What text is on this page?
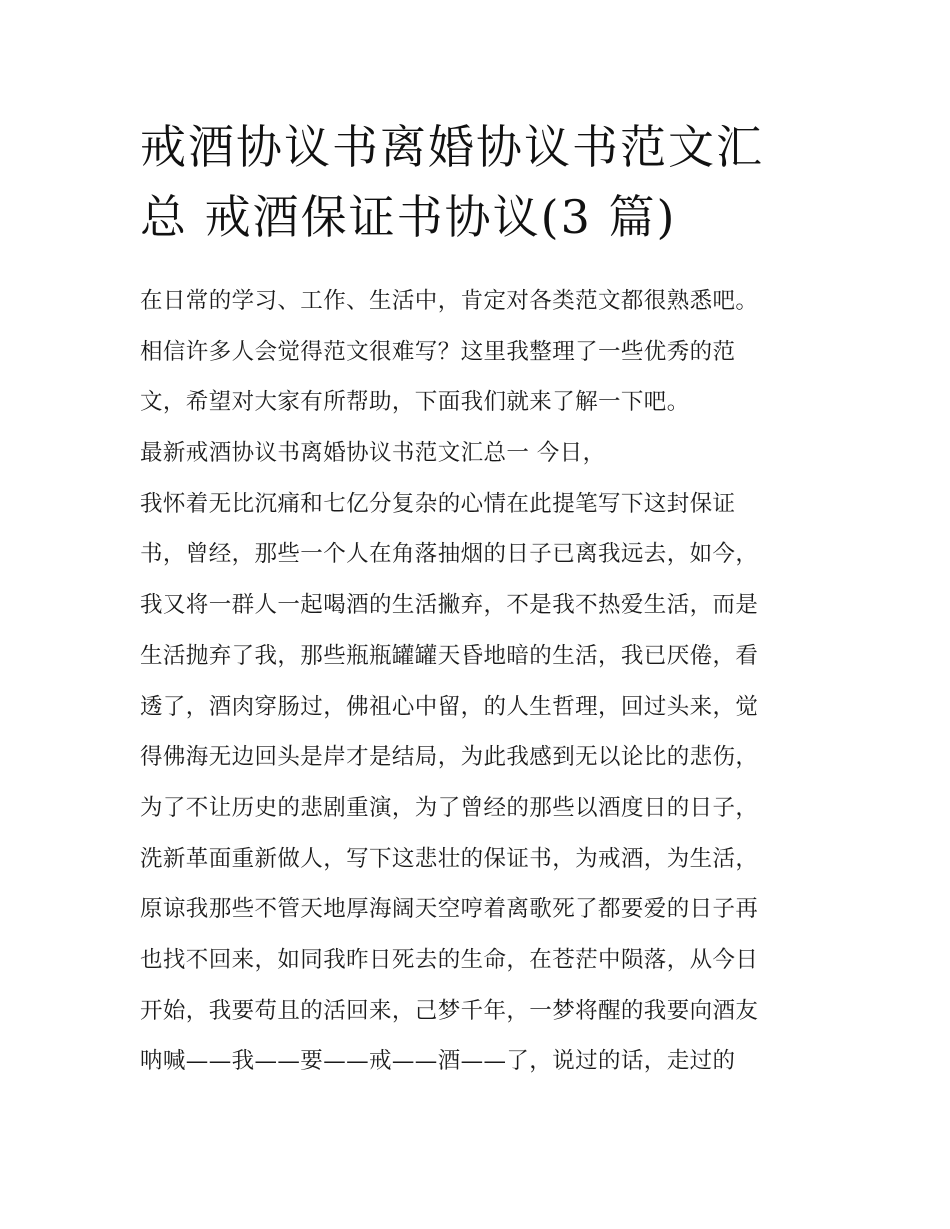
戒酒协议书离婚协议书范文汇
总 戒酒保证书协议(3 篇)
在日常的学习、工作、生活中，肯定对各类范文都很熟悉吧。
相信许多人会觉得范文很难写？这里我整理了一些优秀的范
文，希望对大家有所帮助，下面我们就来了解一下吧。
最新戒酒协议书离婚协议书范文汇总一 今日，
我怀着无比沉痛和七亿分复杂的心情在此提笔写下这封保证
书，曾经，那些一个人在角落抽烟的日子已离我远去，如今，
我又将一群人一起喝酒的生活撇弃，不是我不热爱生活，而是
生活抛弃了我，那些瓶瓶罐罐天昏地暗的生活，我已厌倦，看
透了，酒肉穿肠过，佛祖心中留，的人生哲理，回过头来，觉
得佛海无边回头是岸才是结局，为此我感到无以论比的悲伤，
为了不让历史的悲剧重演，为了曾经的那些以酒度日的日子，
洗新革面重新做人，写下这悲壮的保证书，为戒酒，为生活，
原谅我那些不管天地厚海阔天空哼着离歌死了都要爱的日子再
也找不回来，如同我昨日死去的生命，在苍茫中陨落，从今日
开始，我要苟且的活回来，己梦千年，一梦将醒的我要向酒友
呐喊——我——要——戒——酒——了，说过的话，走过的
